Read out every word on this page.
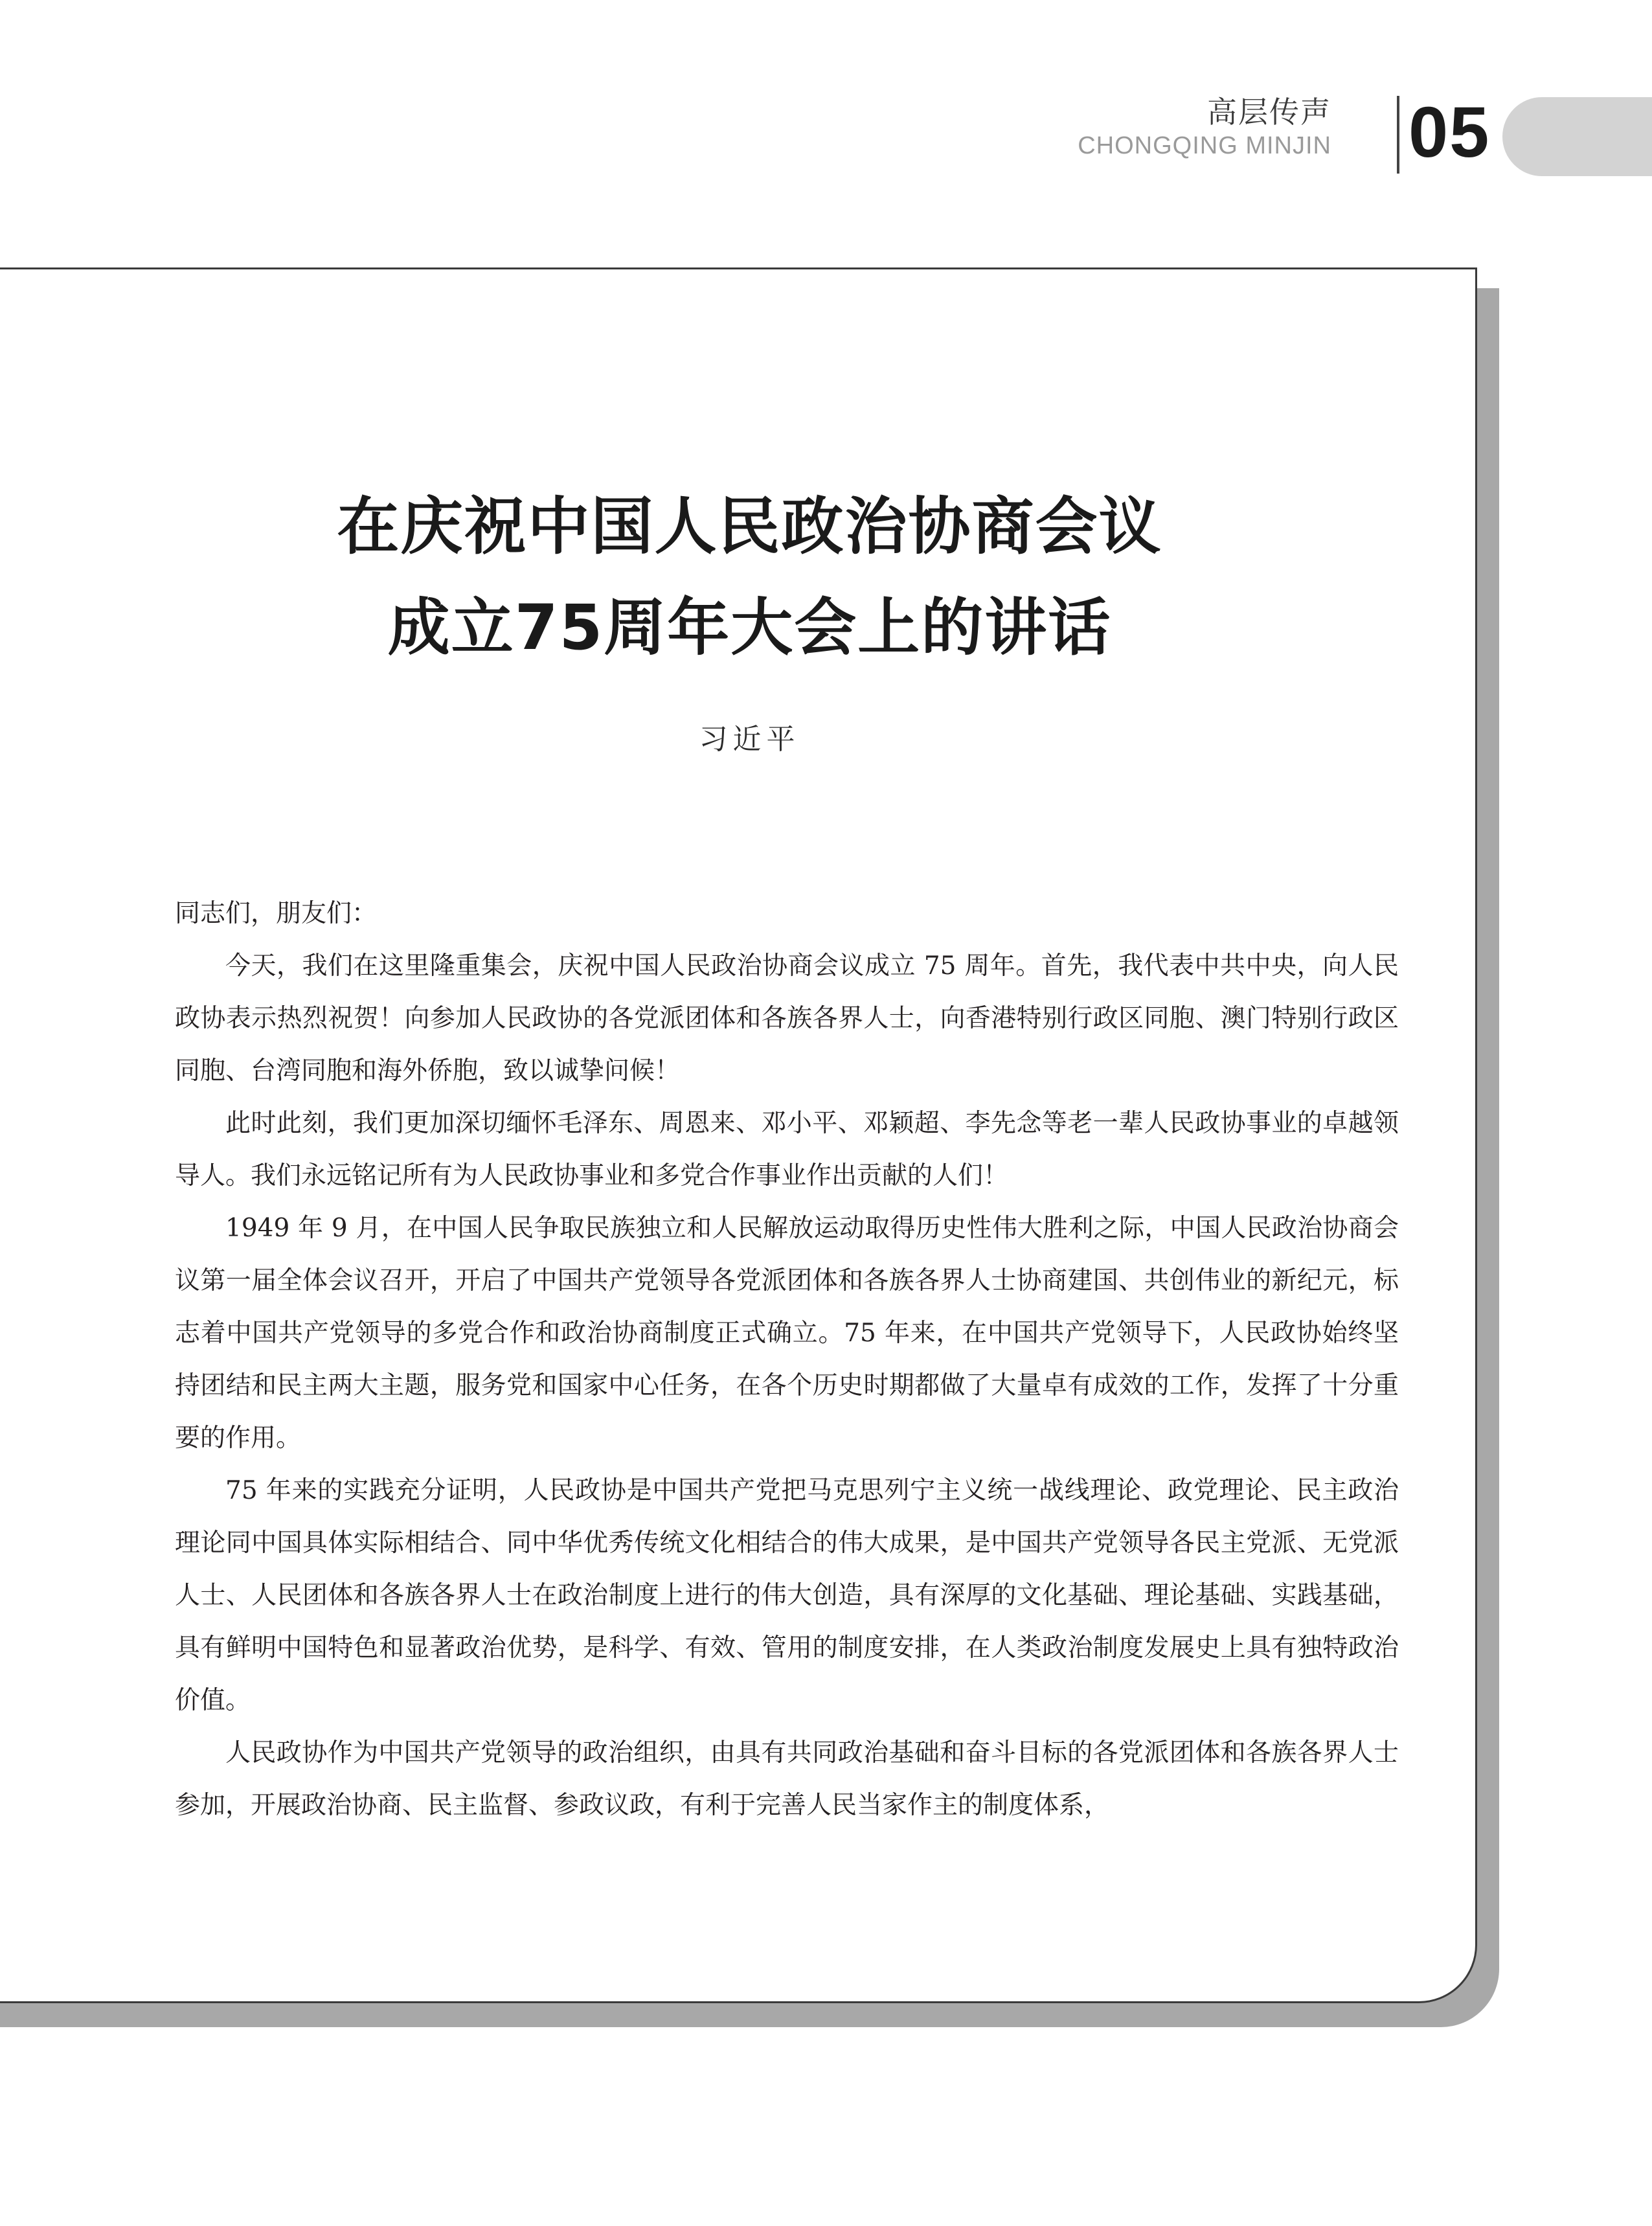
高层传声
CHONGQING MINJIN 05
在庆祝中国人民政治协商会议
成立75周年大会上的讲话
习近平

同志们，朋友们：

今天，我们在这里隆重集会，庆祝中国人民政治协商会议成立 75 周年。首先，我代表中共中央，向人民政协表示热烈祝贺！向参加人民政协的各党派团体和各族各界人士，向香港特别行政区同胞、澳门特别行政区同胞、台湾同胞和海外侨胞，致以诚挚问候！

此时此刻，我们更加深切缅怀毛泽东、周恩来、邓小平、邓颖超、李先念等老一辈人民政协事业的卓越领导人。我们永远铭记所有为人民政协事业和多党合作事业作出贡献的人们！

1949 年 9 月，在中国人民争取民族独立和人民解放运动取得历史性伟大胜利之际，中国人民政治协商会议第一届全体会议召开，开启了中国共产党领导各党派团体和各族各界人士协商建国、共创伟业的新纪元，标志着中国共产党领导的多党合作和政治协商制度正式确立。75 年来，在中国共产党领导下，人民政协始终坚持团结和民主两大主题，服务党和国家中心任务，在各个历史时期都做了大量卓有成效的工作，发挥了十分重要的作用。

75 年来的实践充分证明，人民政协是中国共产党把马克思列宁主义统一战线理论、政党理论、民主政治理论同中国具体实际相结合、同中华优秀传统文化相结合的伟大成果，是中国共产党领导各民主党派、无党派人士、人民团体和各族各界人士在政治制度上进行的伟大创造，具有深厚的文化基础、理论基础、实践基础，具有鲜明中国特色和显著政治优势，是科学、有效、管用的制度安排，在人类政治制度发展史上具有独特政治价值。

人民政协作为中国共产党领导的政治组织，由具有共同政治基础和奋斗目标的各党派团体和各族各界人士参加，开展政治协商、民主监督、参政议政，有利于完善人民当家作主的制度体系，
